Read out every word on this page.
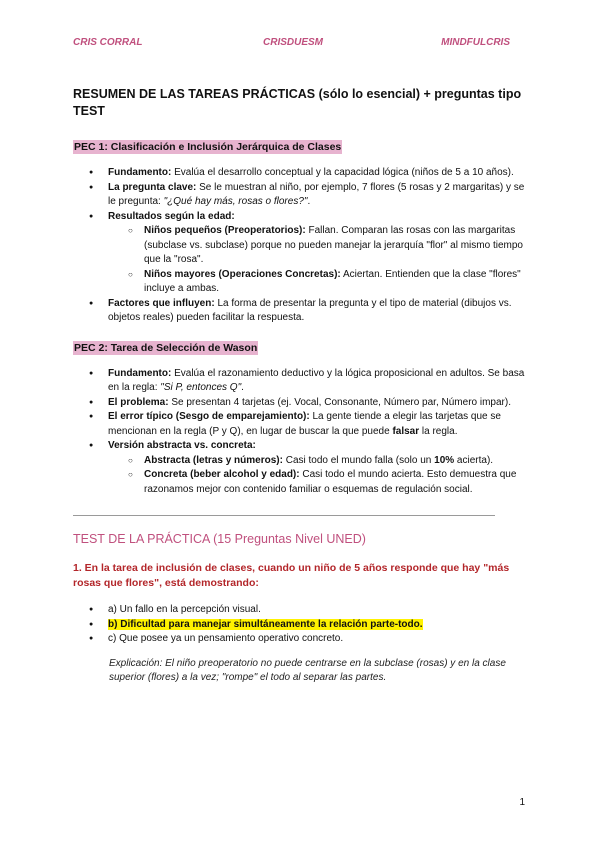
CRIS CORRAL	CRISDUESM	MINDFULCRIS
RESUMEN DE LAS TAREAS PRÁCTICAS (sólo lo esencial) + preguntas tipo TEST
PEC 1: Clasificación e Inclusión Jerárquica de Clases
● Fundamento: Evalúa el desarrollo conceptual y la capacidad lógica (niños de 5 a 10 años).
● La pregunta clave: Se le muestran al niño, por ejemplo, 7 flores (5 rosas y 2 margaritas) y se le pregunta: "¿Qué hay más, rosas o flores?".
● Resultados según la edad:
○ Niños pequeños (Preoperatorios): Fallan. Comparan las rosas con las margaritas (subclase vs. subclase) porque no pueden manejar la jerarquía "flor" al mismo tiempo que la "rosa".
○ Niños mayores (Operaciones Concretas): Aciertan. Entienden que la clase "flores" incluye a ambas.
● Factores que influyen: La forma de presentar la pregunta y el tipo de material (dibujos vs. objetos reales) pueden facilitar la respuesta.
PEC 2: Tarea de Selección de Wason
● Fundamento: Evalúa el razonamiento deductivo y la lógica proposicional en adultos. Se basa en la regla: "Si P, entonces Q".
● El problema: Se presentan 4 tarjetas (ej. Vocal, Consonante, Número par, Número impar).
● El error típico (Sesgo de emparejamiento): La gente tiende a elegir las tarjetas que se mencionan en la regla (P y Q), en lugar de buscar la que puede falsar la regla.
● Versión abstracta vs. concreta:
○ Abstracta (letras y números): Casi todo el mundo falla (solo un 10% acierta).
○ Concreta (beber alcohol y edad): Casi todo el mundo acierta. Esto demuestra que razonamos mejor con contenido familiar o esquemas de regulación social.
TEST DE LA PRÁCTICA (15 Preguntas Nivel UNED)
1. En la tarea de inclusión de clases, cuando un niño de 5 años responde que hay "más rosas que flores", está demostrando:
● a) Un fallo en la percepción visual.
● b) Dificultad para manejar simultáneamente la relación parte-todo.
● c) Que posee ya un pensamiento operativo concreto.
Explicación: El niño preoperatorio no puede centrarse en la subclase (rosas) y en la clase superior (flores) a la vez; "rompe" el todo al separar las partes.
1
